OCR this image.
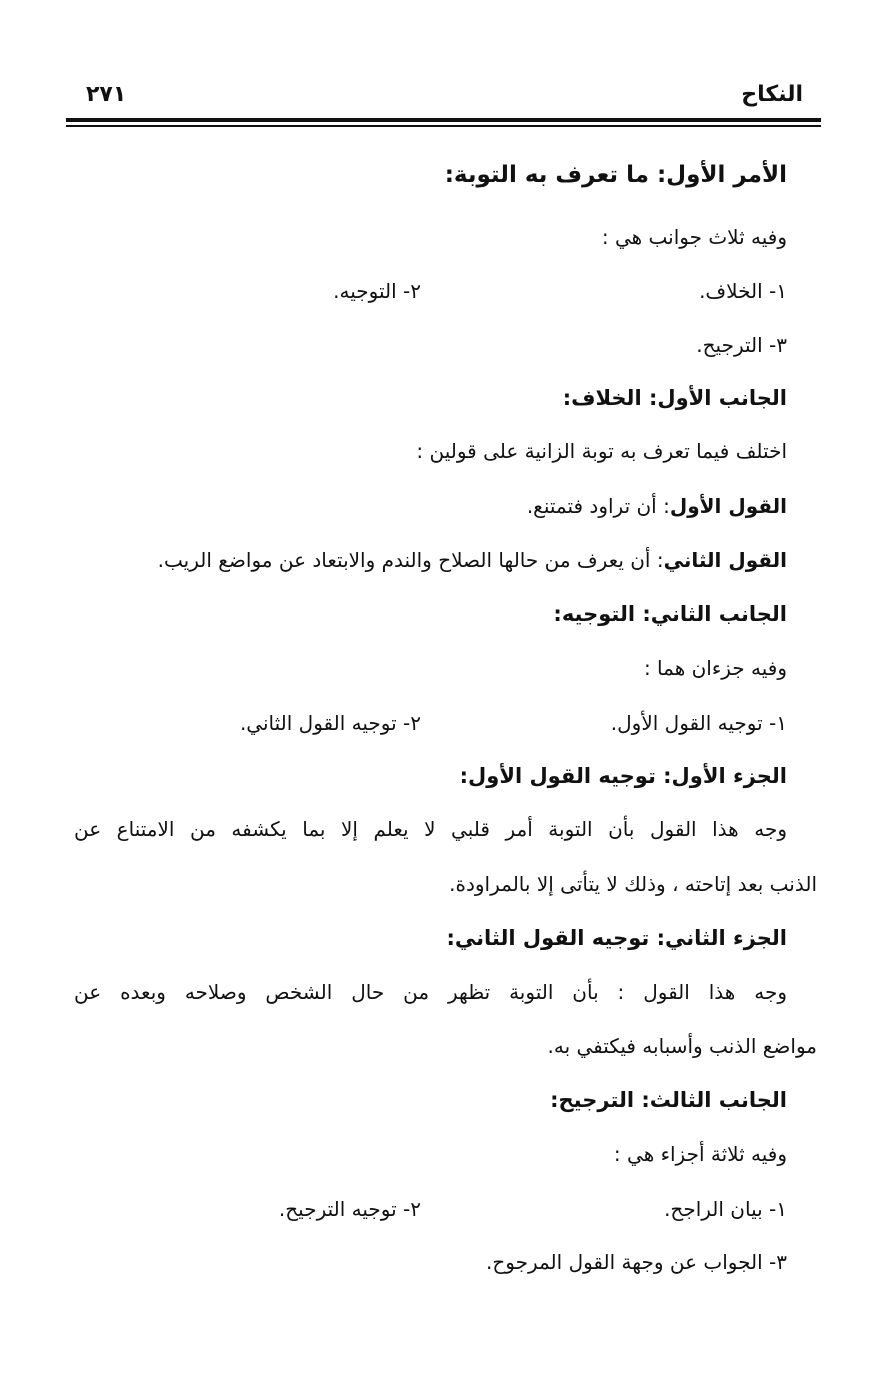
النكاح
٢٧١
الأمر الأول: ما تعرف به التوبة:
وفيه ثلاث جوانب هي :
١- الخلاف.
٢- التوجيه.
٣- الترجيح.
الجانب الأول: الخلاف:
اختلف فيما تعرف به توبة الزانية على قولين :
القول الأول: أن تراود فتمتنع.
القول الثاني: أن يعرف من حالها الصلاح والندم والابتعاد عن مواضع الريب.
الجانب الثاني: التوجيه:
وفيه جزءان هما :
١- توجيه القول الأول.
٢- توجيه القول الثاني.
الجزء الأول: توجيه القول الأول:
وجه هذا القول بأن التوبة أمر قلبي لا يعلم إلا بما يكشفه من الامتناع عن
الذنب بعد إتاحته ، وذلك لا يتأتى إلا بالمراودة.
الجزء الثاني: توجيه القول الثاني:
وجه هذا القول : بأن التوبة تظهر من حال الشخص وصلاحه وبعده عن
مواضع الذنب وأسبابه فيكتفي به.
الجانب الثالث: الترجيح:
وفيه ثلاثة أجزاء هي :
١- بيان الراجح.
٢- توجيه الترجيح.
٣- الجواب عن وجهة القول المرجوح.
